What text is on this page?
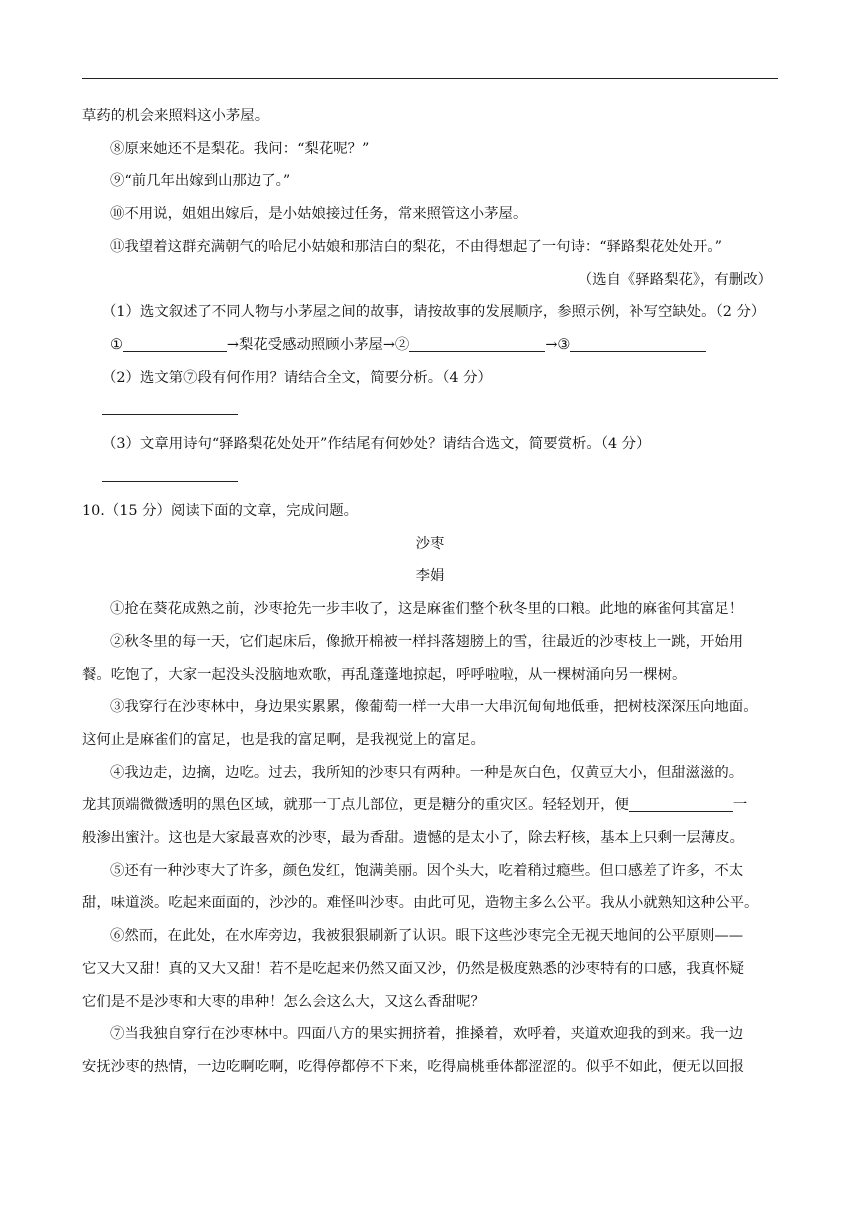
草药的机会来照料这小茅屋。
⑧原来她还不是梨花。我问：“梨花呢？”
⑨“前几年出嫁到山那边了。”
⑩不用说，姐姐出嫁后，是小姑娘接过任务，常来照管这小茅屋。
⑪我望着这群充满朝气的哈尼小姑娘和那洁白的梨花，不由得想起了一句诗：“驿路梨花处处开。”
（选自《驿路梨花》，有删改）
（1）选文叙述了不同人物与小茅屋之间的故事，请按故事的发展顺序，参照示例，补写空缺处。（2 分）
①	→梨花受感动照顾小茅屋→②	→③
（2）选文第⑦段有何作用？请结合全文，简要分析。（4 分）
（3）文章用诗句“驿路梨花处处开”作结尾有何妙处？请结合选文，简要赏析。（4 分）
10.（15 分）阅读下面的文章，完成问题。
沙枣
李娟
①抢在葵花成熟之前，沙枣抢先一步丰收了，这是麻雀们整个秋冬里的口粮。此地的麻雀何其富足！
②秋冬里的每一天，它们起床后，像掀开棉被一样抖落翅膀上的雪，往最近的沙枣枝上一跳，开始用
餐。吃饱了，大家一起没头没脑地欢歌，再乱蓬蓬地掠起，呼呼啦啦，从一棵树涌向另一棵树。
③我穿行在沙枣林中，身边果实累累，像葡萄一样一大串一大串沉甸甸地低垂，把树枝深深压向地面。
这何止是麻雀们的富足，也是我的富足啊，是我视觉上的富足。
④我边走，边摘，边吃。过去，我所知的沙枣只有两种。一种是灰白色，仅黄豆大小，但甜滋滋的。
龙其顶端微微透明的黑色区域，就那一丁点儿部位，更是糖分的重灾区。轻轻划开，便	一
般渗出蜜汁。这也是大家最喜欢的沙枣，最为香甜。遗憾的是太小了，除去籽核，基本上只剩一层薄皮。
⑤还有一种沙枣大了许多，颜色发红，饱满美丽。因个头大，吃着稍过瘾些。但口感差了许多，不太
甜，味道淡。吃起来面面的，沙沙的。难怪叫沙枣。由此可见，造物主多么公平。我从小就熟知这种公平。
⑥然而，在此处，在水库旁边，我被狠狠刷新了认识。眼下这些沙枣完全无视天地间的公平原则——
它又大又甜！真的又大又甜！若不是吃起来仍然又面又沙，仍然是极度熟悉的沙枣特有的口感，我真怀疑
它们是不是沙枣和大枣的串种！怎么会这么大，又这么香甜呢？
⑦当我独自穿行在沙枣林中。四面八方的果实拥挤着，推搡着，欢呼着，夹道欢迎我的到来。我一边
安抚沙枣的热情，一边吃啊吃啊，吃得停都停不下来，吃得扁桃垂体都涩涩的。似乎不如此，便无以回报
